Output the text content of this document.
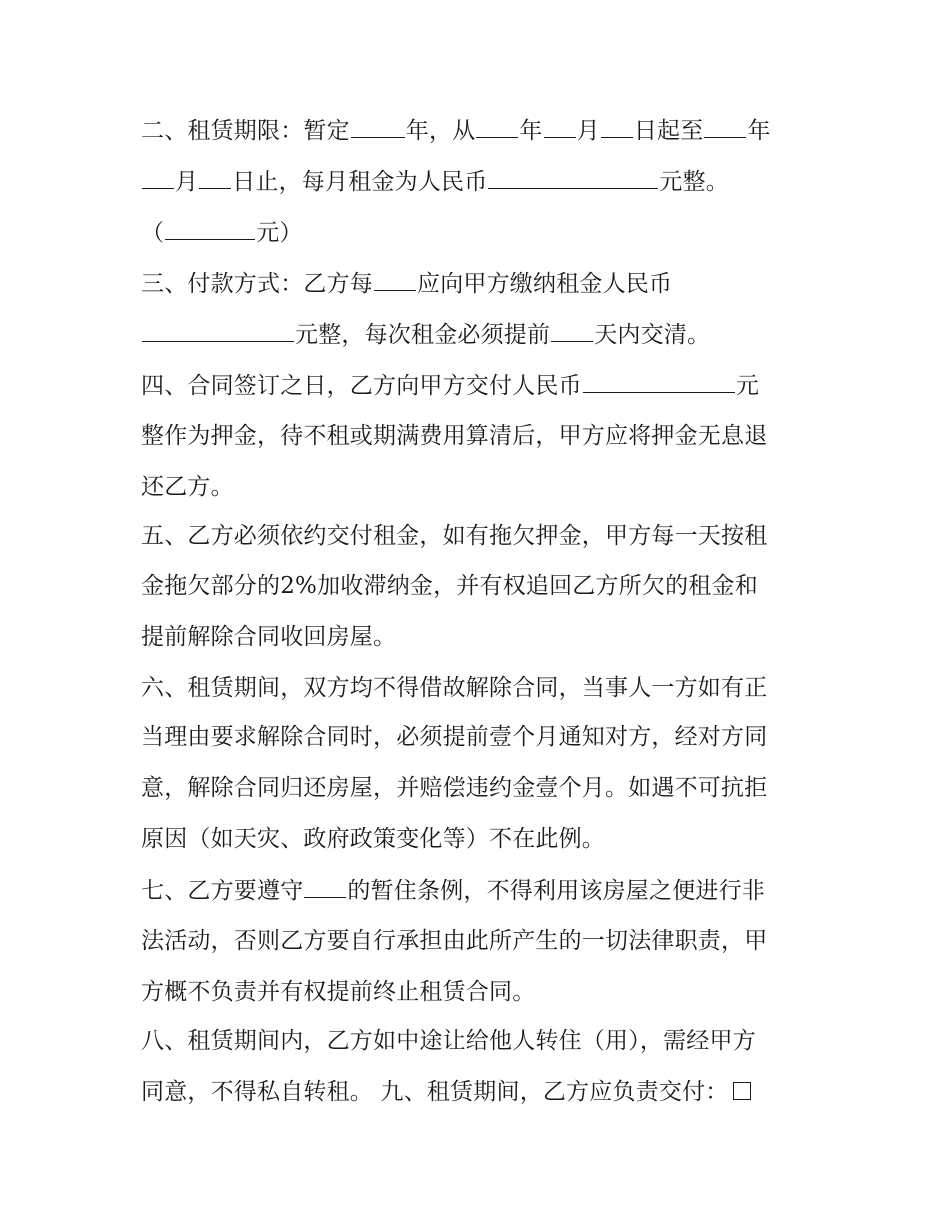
二、租赁期限：暂定 年，从 年 月 日起至 年
月 日止，每月租金为人民币	元整。
（	元）
三、付款方式：乙方每 应向甲方缴纳租金人民币
元整，每次租金必须提前 天内交清。
四、合同签订之日，乙方向甲方交付人民币	元
整作为押金，待不租或期满费用算清后，甲方应将押金无息退
还乙方。
五、乙方必须依约交付租金，如有拖欠押金，甲方每一天按租
金拖欠部分的2%加收滞纳金，并有权追回乙方所欠的租金和
提前解除合同收回房屋。
六、租赁期间，双方均不得借故解除合同，当事人一方如有正
当理由要求解除合同时，必须提前壹个月通知对方，经对方同
意，解除合同归还房屋，并赔偿违约金壹个月。如遇不可抗拒
原因（如天灾、政府政策变化等）不在此例。
七、乙方要遵守 的暂住条例，不得利用该房屋之便进行非
法活动，否则乙方要自行承担由此所产生的一切法律职责，甲
方概不负责并有权提前终止租赁合同。
八、租赁期间内，乙方如中途让给他人转住（用），需经甲方
同意，不得私自转租。 九、租赁期间，乙方应负责交付：
